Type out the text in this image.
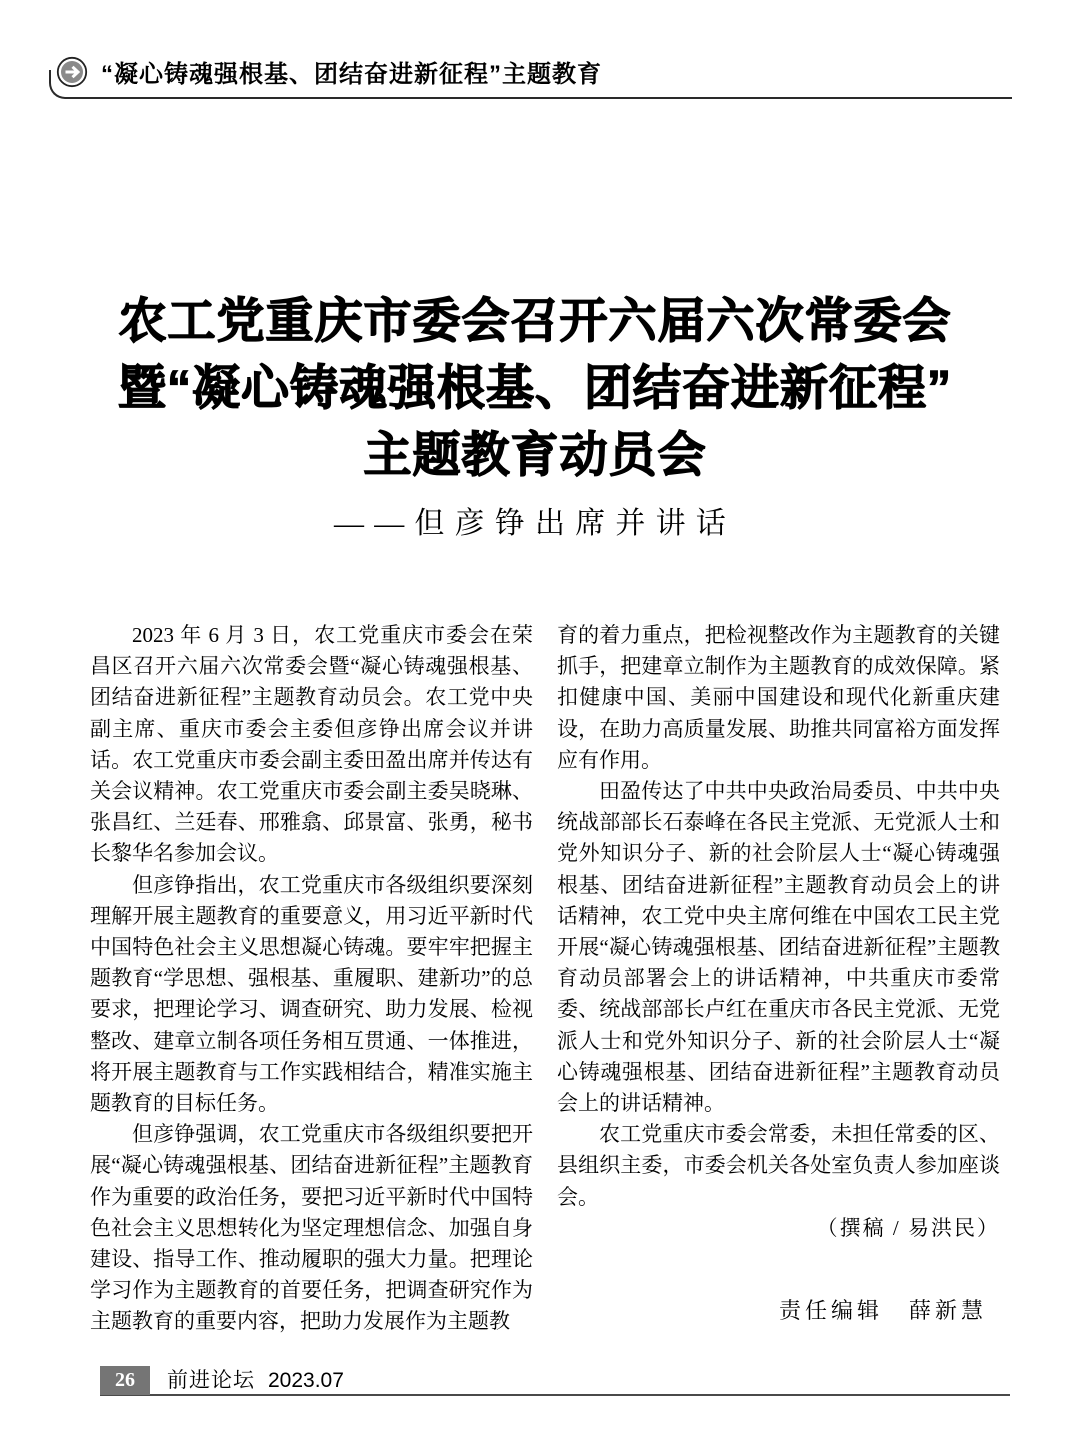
“凝心铸魂强根基、团结奋进新征程”主题教育
农工党重庆市委会召开六届六次常委会
暨“凝心铸魂强根基、团结奋进新征程”
主题教育动员会
——但彦铮出席并讲话

2023 年 6 月 3 日，农工党重庆市委会在荣昌区召开六届六次常委会暨“凝心铸魂强根基、团结奋进新征程”主题教育动员会。农工党中央副主席、重庆市委会主委但彦铮出席会议并讲话。农工党重庆市委会副主委田盈出席并传达有关会议精神。农工党重庆市委会副主委吴晓琳、张昌红、兰廷春、邢雅翕、邱景富、张勇，秘书长黎华名参加会议。

但彦铮指出，农工党重庆市各级组织要深刻理解开展主题教育的重要意义，用习近平新时代中国特色社会主义思想凝心铸魂。要牢牢把握主题教育“学思想、强根基、重履职、建新功”的总要求，把理论学习、调查研究、助力发展、检视整改、建章立制各项任务相互贯通、一体推进，将开展主题教育与工作实践相结合，精准实施主题教育的目标任务。

但彦铮强调，农工党重庆市各级组织要把开展“凝心铸魂强根基、团结奋进新征程”主题教育作为重要的政治任务，要把习近平新时代中国特色社会主义思想转化为坚定理想信念、加强自身建设、指导工作、推动履职的强大力量。把理论学习作为主题教育的首要任务，把调查研究作为主题教育的重要内容，把助力发展作为主题教

育的着力重点，把检视整改作为主题教育的关键抓手，把建章立制作为主题教育的成效保障。紧扣健康中国、美丽中国建设和现代化新重庆建设，在助力高质量发展、助推共同富裕方面发挥应有作用。

田盈传达了中共中央政治局委员、中共中央统战部部长石泰峰在各民主党派、无党派人士和党外知识分子、新的社会阶层人士“凝心铸魂强根基、团结奋进新征程”主题教育动员会上的讲话精神，农工党中央主席何维在中国农工民主党开展“凝心铸魂强根基、团结奋进新征程”主题教育动员部署会上的讲话精神，中共重庆市委常委、统战部部长卢红在重庆市各民主党派、无党派人士和党外知识分子、新的社会阶层人士“凝心铸魂强根基、团结奋进新征程”主题教育动员会上的讲话精神。

农工党重庆市委会常委，未担任常委的区、县组织主委，市委会机关各处室负责人参加座谈会。

（撰稿 / 易洪民）

责任编辑　薛新慧
26 前进论坛 2023.07
